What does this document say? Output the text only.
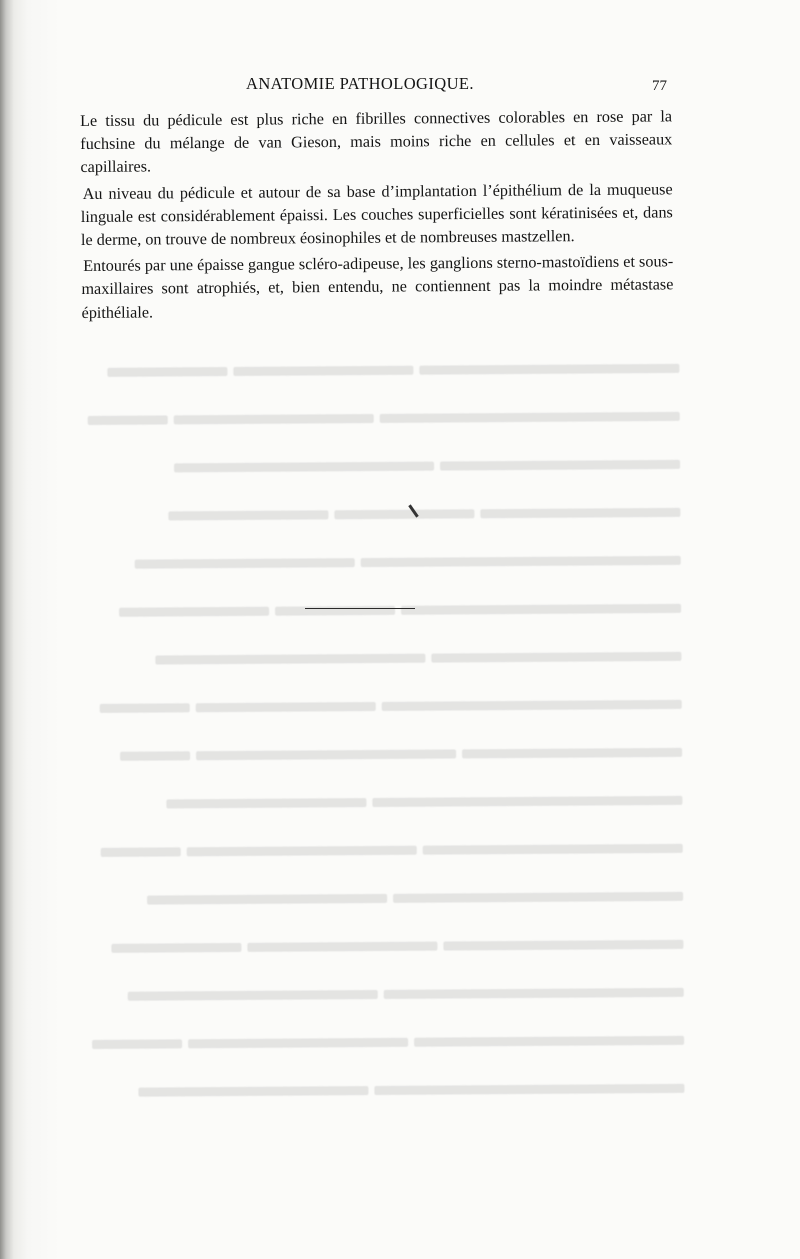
ANATOMIE PATHOLOGIQUE.	77

Le tissu du pédicule est plus riche en fibrilles connectives colorables en rose par la fuchsine du mélange de van Gieson, mais moins riche en cellules et en vaisseaux capillaires.

Au niveau du pédicule et autour de sa base d’implantation l’épithélium de la muqueuse linguale est considérablement épaissi. Les couches superficielles sont kératinisées et, dans le derme, on trouve de nombreux éosinophiles et de nombreuses mastzellen.

Entourés par une épaisse gangue scléro-adipeuse, les ganglions sterno-mastoïdiens et sous-maxillaires sont atrophiés, et, bien entendu, ne contiennent pas la moindre métastase épithéliale.
